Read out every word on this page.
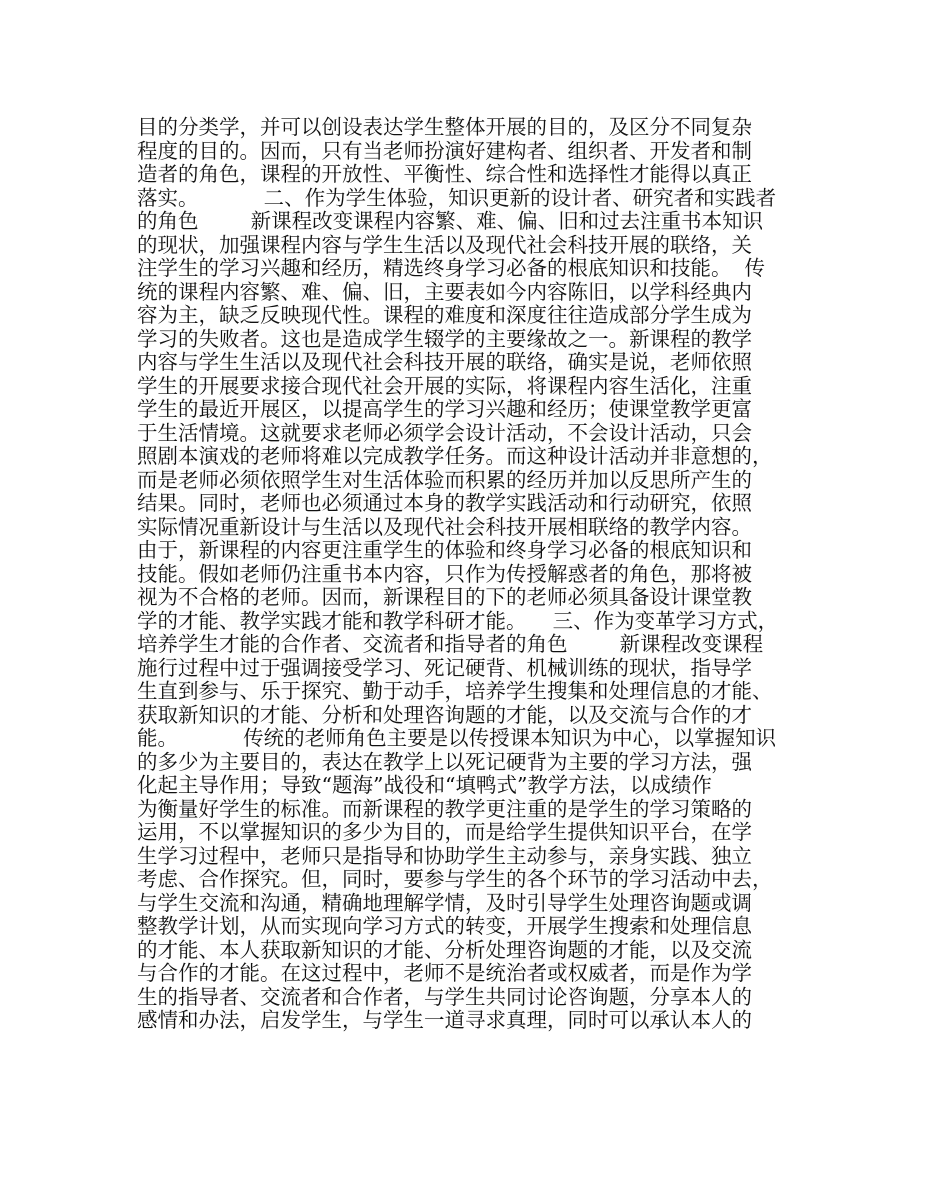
目的分类学，并可以创设表达学生整体开展的目的，及区分不同复杂
程度的目的。因而，只有当老师扮演好建构者、组织者、开发者和制
造者的角色，课程的开放性、平衡性、综合性和选择性才能得以真正
落实。          二、作为学生体验，知识更新的设计者、研究者和实践者
的角色        新课程改变课程内容繁、难、偏、旧和过去注重书本知识
的现状，加强课程内容与学生生活以及现代社会科技开展的联络，关
注学生的学习兴趣和经历，精选终身学习必备的根底知识和技能。  传
统的课程内容繁、难、偏、旧，主要表如今内容陈旧，以学科经典内
容为主，缺乏反映现代性。课程的难度和深度往往造成部分学生成为
学习的失败者。这也是造成学生辍学的主要缘故之一。新课程的教学
内容与学生生活以及现代社会科技开展的联络，确实是说，老师依照
学生的开展要求接合现代社会开展的实际，将课程内容生活化，注重
学生的最近开展区，以提高学生的学习兴趣和经历；使课堂教学更富
于生活情境。这就要求老师必须学会设计活动，不会设计活动，只会
照剧本演戏的老师将难以完成教学任务。而这种设计活动并非意想的，
而是老师必须依照学生对生活体验而积累的经历并加以反思所产生的
结果。同时，老师也必须通过本身的教学实践活动和行动研究，依照
实际情况重新设计与生活以及现代社会科技开展相联络的教学内容。
由于，新课程的内容更注重学生的体验和终身学习必备的根底知识和
技能。假如老师仍注重书本内容，只作为传授解惑者的角色，那将被
视为不合格的老师。因而，新课程目的下的老师必须具备设计课堂教
学的才能、教学实践才能和教学科研才能。    三、作为变革学习方式，
培养学生才能的合作者、交流者和指导者的角色        新课程改变课程
施行过程中过于强调接受学习、死记硬背、机械训练的现状，指导学
生直到参与、乐于探究、勤于动手，培养学生搜集和处理信息的才能、
获取新知识的才能、分析和处理咨询题的才能，以及交流与合作的才
能。          传统的老师角色主要是以传授课本知识为中心，以掌握知识
的多少为主要目的，表达在教学上以死记硬背为主要的学习方法，强
化起主导作用；导致“题海”战役和“填鸭式”教学方法，以成绩作
为衡量好学生的标准。而新课程的教学更注重的是学生的学习策略的
运用，不以掌握知识的多少为目的，而是给学生提供知识平台，在学
生学习过程中，老师只是指导和协助学生主动参与，亲身实践、独立
考虑、合作探究。但，同时，要参与学生的各个环节的学习活动中去，
与学生交流和沟通，精确地理解学情，及时引导学生处理咨询题或调
整教学计划，从而实现向学习方式的转变，开展学生搜索和处理信息
的才能、本人获取新知识的才能、分析处理咨询题的才能，以及交流
与合作的才能。在这过程中，老师不是统治者或权威者，而是作为学
生的指导者、交流者和合作者，与学生共同讨论咨询题，分享本人的
感情和办法，启发学生，与学生一道寻求真理，同时可以承认本人的
